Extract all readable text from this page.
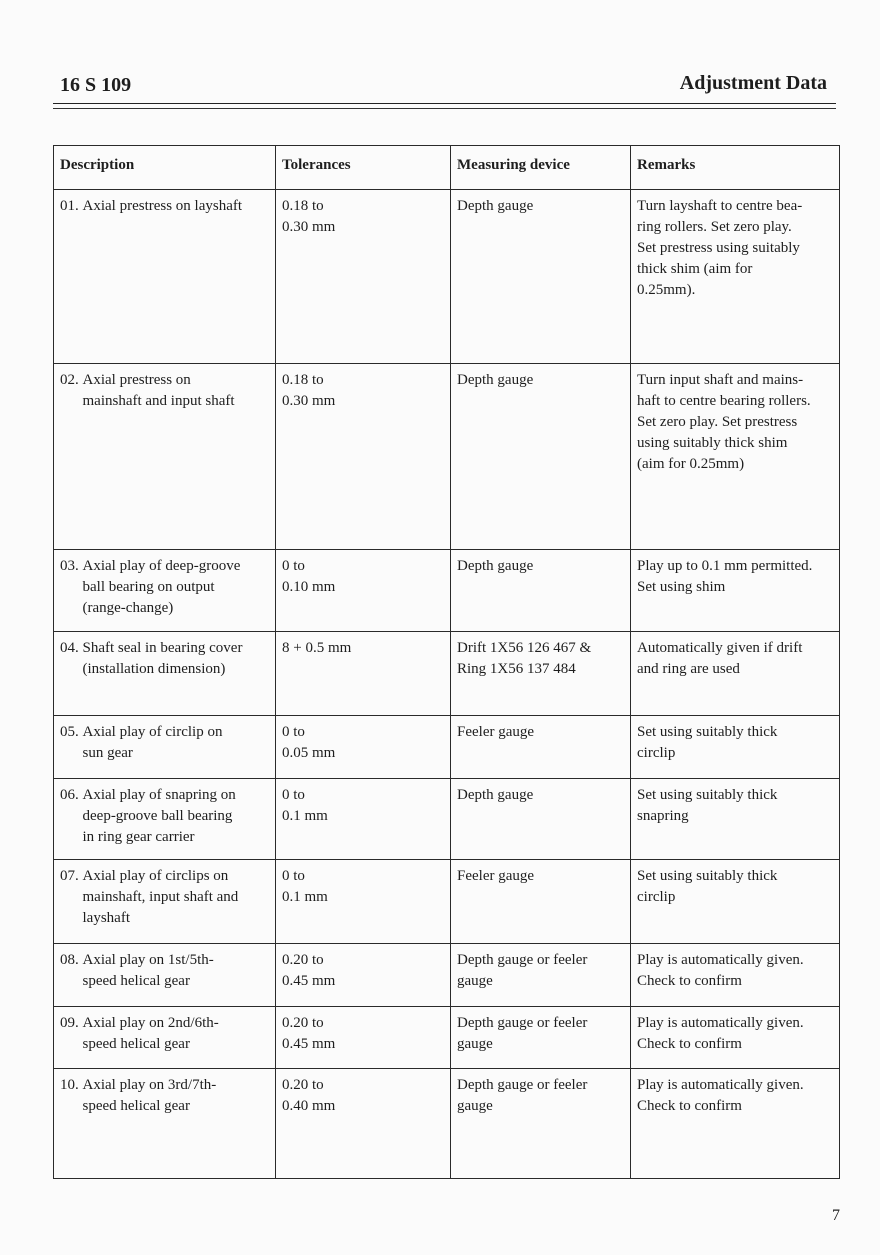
16 S 109	Adjustment Data
Description	Tolerances	Measuring device	Remarks

01.
Axial prestress on layshaft	0.18 to
0.30 mm	Depth gauge	Turn layshaft to centre bea-
ring rollers. Set zero play.
Set prestress using suitably
thick shim (aim for
0.25mm).

02.
Axial prestress on
mainshaft and input shaft	0.18 to
0.30 mm	Depth gauge	Turn input shaft and mains-
haft to centre bearing rollers.
Set zero play. Set prestress
using suitably thick shim
(aim for 0.25mm)

03.
Axial play of deep-groove
ball bearing on output
(range-change)	0 to
0.10 mm	Depth gauge	Play up to 0.1 mm permitted.
Set using shim

04.
Shaft seal in bearing cover
(installation dimension)	8 + 0.5 mm	Drift 1X56 126 467 &
Ring 1X56 137 484	Automatically given if drift
and ring are used

05.
Axial play of circlip on
sun gear	0 to
0.05 mm	Feeler gauge	Set using suitably thick
circlip

06.
Axial play of snapring on
deep-groove ball bearing
in ring gear carrier	0 to
0.1 mm	Depth gauge	Set using suitably thick
snapring

07.
Axial play of circlips on
mainshaft, input shaft and
layshaft	0 to
0.1 mm	Feeler gauge	Set using suitably thick
circlip

08.
Axial play on 1st/5th-
speed helical gear	0.20 to
0.45 mm	Depth gauge or feeler
gauge	Play is automatically given.
Check to confirm

09.
Axial play on 2nd/6th-
speed helical gear	0.20 to
0.45 mm	Depth gauge or feeler
gauge	Play is automatically given.
Check to confirm

10.
Axial play on 3rd/7th-
speed helical gear	0.20 to
0.40 mm	Depth gauge or feeler
gauge	Play is automatically given.
Check to confirm
7
